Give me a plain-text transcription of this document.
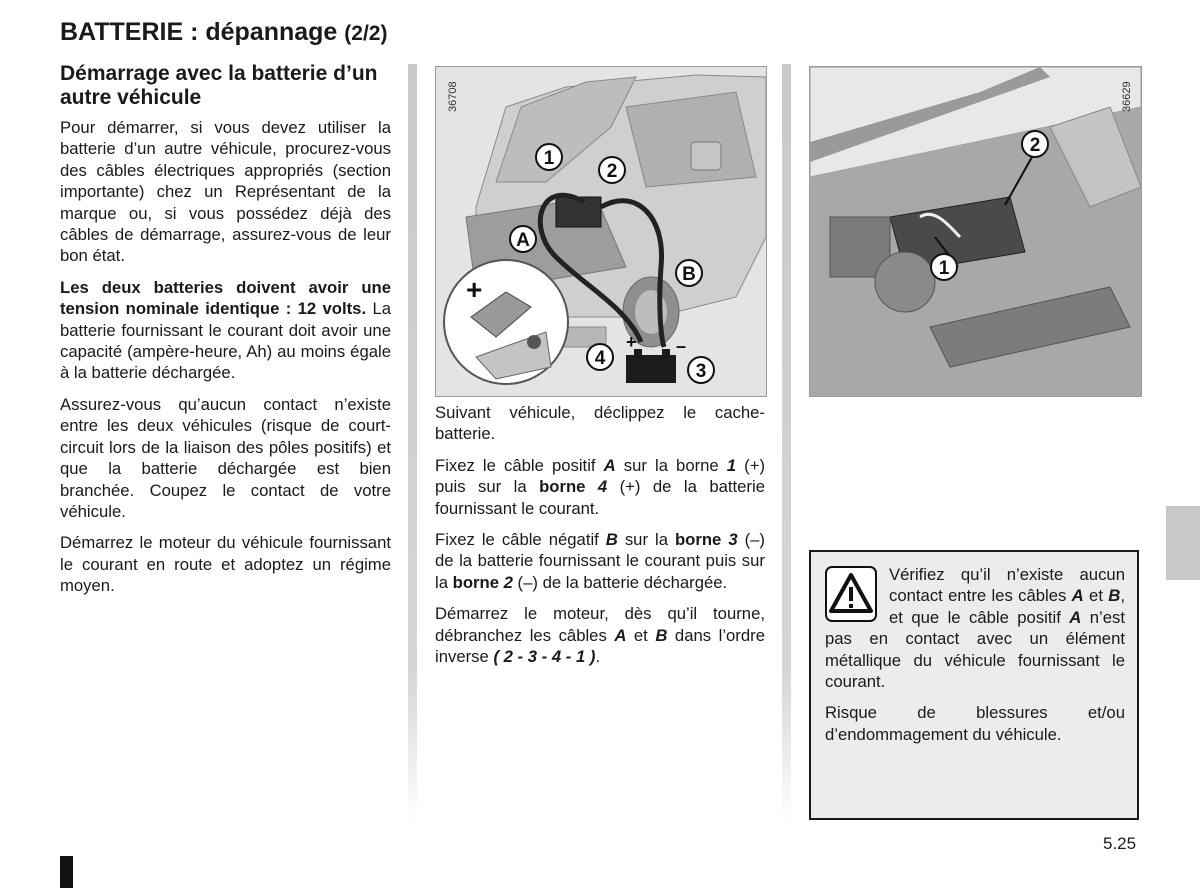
BATTERIE : dépannage (2/2)
Démarrage avec la batterie d’un autre véhicule

Pour démarrer, si vous devez utiliser la batterie d’un autre véhicule, procurez-vous des câbles électriques appropriés (section importante) chez un Représentant de la marque ou, si vous possédez déjà des câbles de démarrage, assurez-vous de leur bon état.

Les deux batteries doivent avoir une tension nominale identique : 12 volts. La batterie fournissant le courant doit avoir une capacité (ampère-heure, Ah) au moins égale à la batterie déchargée.

Assurez-vous qu’aucun contact n’existe entre les deux véhicules (risque de court-circuit lors de la liaison des pôles positifs) et que la batterie déchargée est bien branchée. Coupez le contact de votre véhicule.

Démarrez le moteur du véhicule fournissant le courant en route et adoptez un régime moyen.

+
+ –
1
2
A
B
4
3
36708
2
1
36629

Suivant véhicule, déclippez le cache-batterie.

Fixez le câble positif A sur la borne 1 (+) puis sur la borne 4 (+) de la batterie fournissant le courant.

Fixez le câble négatif B sur la borne 3 (–) de la batterie fournissant le courant puis sur la borne 2 (–) de la batterie déchargée.

Démarrez le moteur, dès qu’il tourne, débranchez les câbles A et B dans l’ordre inverse ( 2 - 3 - 4 - 1 ).

Vérifiez qu’il n’existe aucun contact entre les câbles A et B, et que le câble positif A n’est pas en contact avec un élément métallique du véhicule fournissant le courant.

Risque de blessures et/ou d’endommagement du véhicule.

5.25
